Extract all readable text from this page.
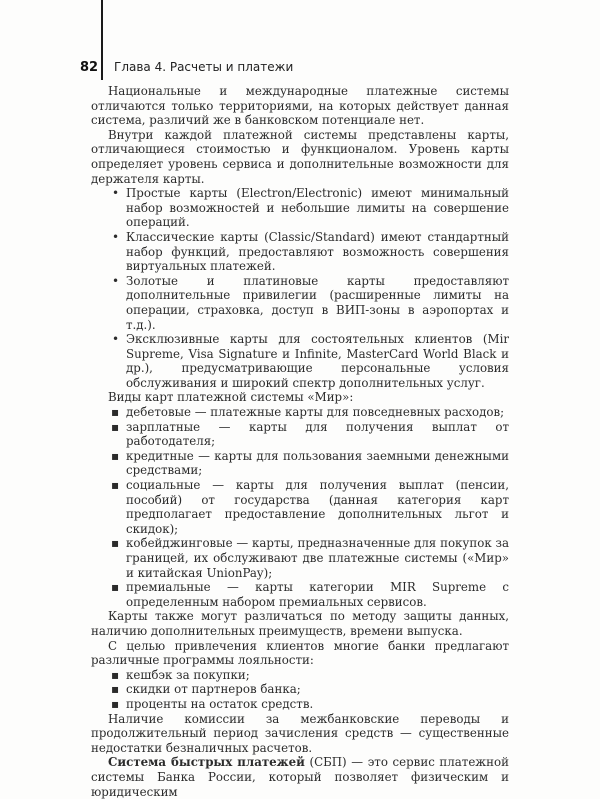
82	Глава 4. Расчеты и платежи

Национальные и международные платежные системы отличаются только территориями, на которых действует данная система, различий же в банковском потенциале нет.

Внутри каждой платежной системы представлены карты, отличающиеся стоимостью и функционалом. Уровень карты определяет уровень сервиса и дополнительные возможности для держателя карты.

• Простые карты (Electron/Electronic) имеют минимальный набор возможностей и небольшие лимиты на совершение операций.
• Классические карты (Classic/Standard) имеют стандартный набор функций, предоставляют возможность совершения виртуальных платежей.
• Золотые и платиновые карты предоставляют дополнительные привилегии (расширенные лимиты на операции, страховка, доступ в ВИП-зоны в аэропортах и т.д.).
• Эксклюзивные карты для состоятельных клиентов (Mir Supreme, Visa Signature и Infinite, MasterCard World Black и др.), предусматривающие персональные условия обслуживания и широкий спектр дополнительных услуг.

Виды карт платежной системы «Мир»:

▪ дебетовые — платежные карты для повседневных расходов;
▪ зарплатные — карты для получения выплат от работодателя;
▪ кредитные — карты для пользования заемными денежными средствами;
▪ социальные — карты для получения выплат (пенсии, пособий) от государства (данная категория карт предполагает предоставление дополнительных льгот и скидок);
▪ кобейджинговые — карты, предназначенные для покупок за границей, их обслуживают две платежные системы («Мир» и китайская UnionPay);
▪ премиальные — карты категории MIR Supreme с определенным набором премиальных сервисов.

Карты также могут различаться по методу защиты данных, наличию дополнительных преимуществ, времени выпуска.

С целью привлечения клиентов многие банки предлагают различные программы лояльности:

▪ кешбэк за покупки;
▪ скидки от партнеров банка;
▪ проценты на остаток средств.

Наличие комиссии за межбанковские переводы и продолжительный период зачисления средств — существенные недостатки безналичных расчетов.

Система быстрых платежей (СБП) — это сервис платежной системы Банка России, который позволяет физическим и юридическим
